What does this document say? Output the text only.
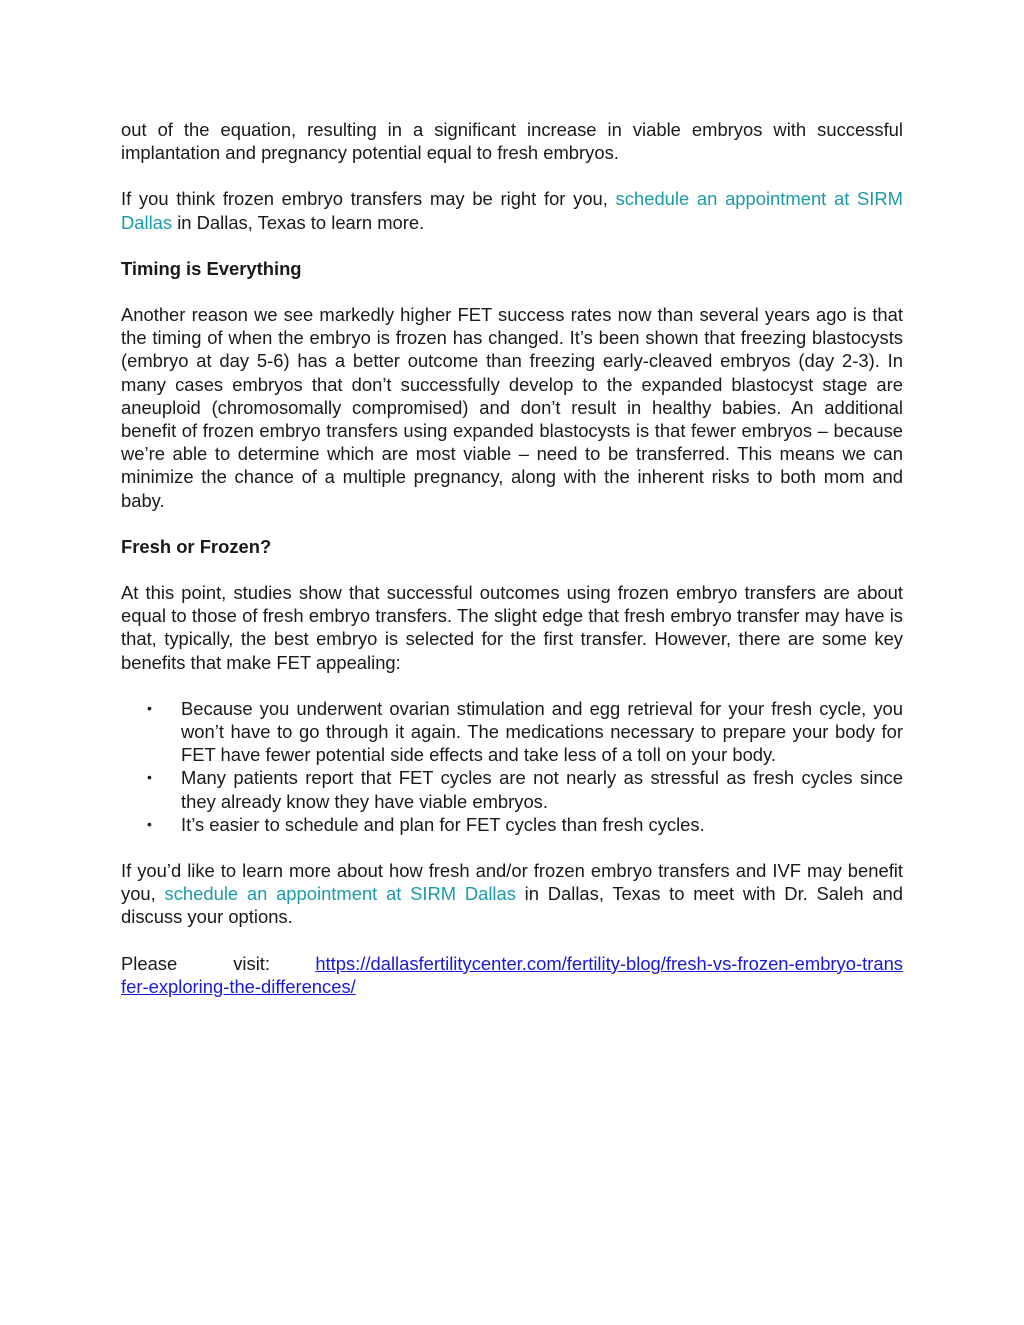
out of the equation, resulting in a significant increase in viable embryos with successful implantation and pregnancy potential equal to fresh embryos.

If you think frozen embryo transfers may be right for you, schedule an appointment at SIRM Dallas in Dallas, Texas to learn more.

Timing is Everything

Another reason we see markedly higher FET success rates now than several years ago is that the timing of when the embryo is frozen has changed. It’s been shown that freezing blastocysts (embryo at day 5-6) has a better outcome than freezing early-cleaved embryos (day 2-3). In many cases embryos that don’t successfully develop to the expanded blastocyst stage are aneuploid (chromosomally compromised) and don’t result in healthy babies. An additional benefit of frozen embryo transfers using expanded blastocysts is that fewer embryos – because we’re able to determine which are most viable – need to be transferred. This means we can minimize the chance of a multiple pregnancy, along with the inherent risks to both mom and baby.

Fresh or Frozen?

At this point, studies show that successful outcomes using frozen embryo transfers are about equal to those of fresh embryo transfers. The slight edge that fresh embryo transfer may have is that, typically, the best embryo is selected for the first transfer. However, there are some key benefits that make FET appealing:

• Because you underwent ovarian stimulation and egg retrieval for your fresh cycle, you won’t have to go through it again. The medications necessary to prepare your body for FET have fewer potential side effects and take less of a toll on your body.
• Many patients report that FET cycles are not nearly as stressful as fresh cycles since they already know they have viable embryos.
• It’s easier to schedule and plan for FET cycles than fresh cycles.

If you’d like to learn more about how fresh and/or frozen embryo transfers and IVF may benefit you, schedule an appointment at SIRM Dallas in Dallas, Texas to meet with Dr. Saleh and discuss your options.

Please	visit: https://dallasfertilitycenter.com/fertility-blog/fresh-vs-frozen-embryo-transfer-exploring-the-differences/
